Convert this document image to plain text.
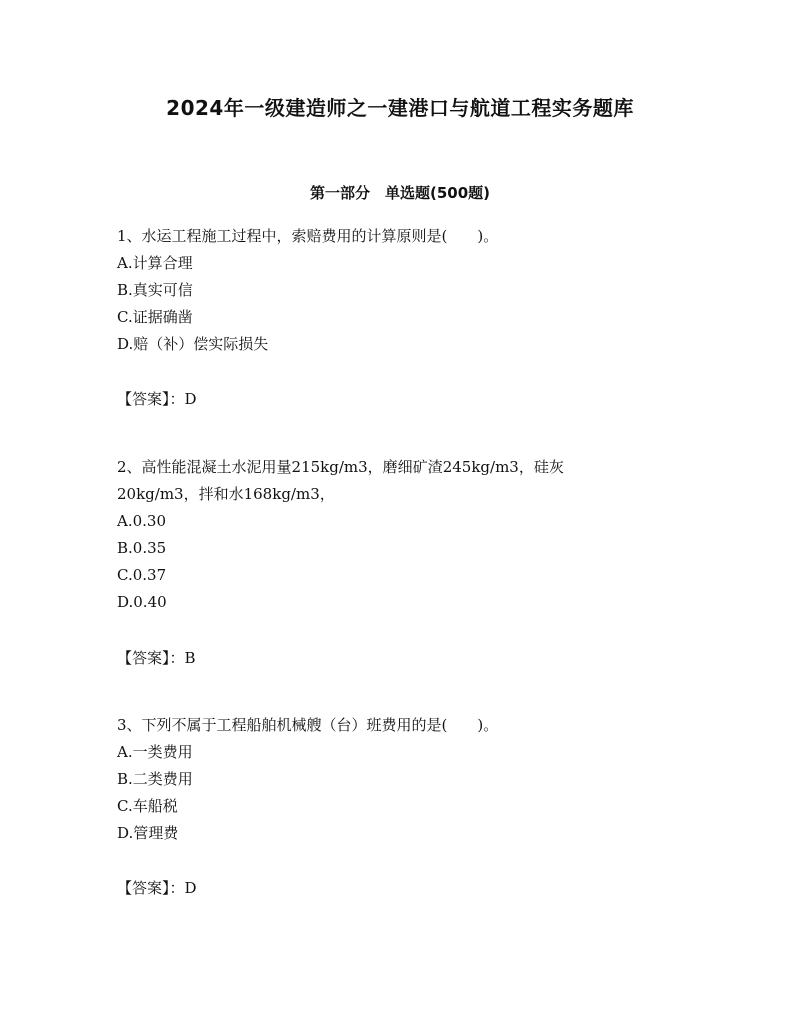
2024年一级建造师之一建港口与航道工程实务题库
第一部分　单选题(500题)
1、水运工程施工过程中，索赔费用的计算原则是(　　)。
A.计算合理
B.真实可信
C.证据确凿
D.赔（补）偿实际损失
【答案】：D
2、高性能混凝土水泥用量215kg/m3，磨细矿渣245kg/m3，硅灰20kg/m3，拌和水168kg/m3，
A.0.30
B.0.35
C.0.37
D.0.40
【答案】：B
3、下列不属于工程船舶机械艘（台）班费用的是(　　)。
A.一类费用
B.二类费用
C.车船税
D.管理费
【答案】：D
